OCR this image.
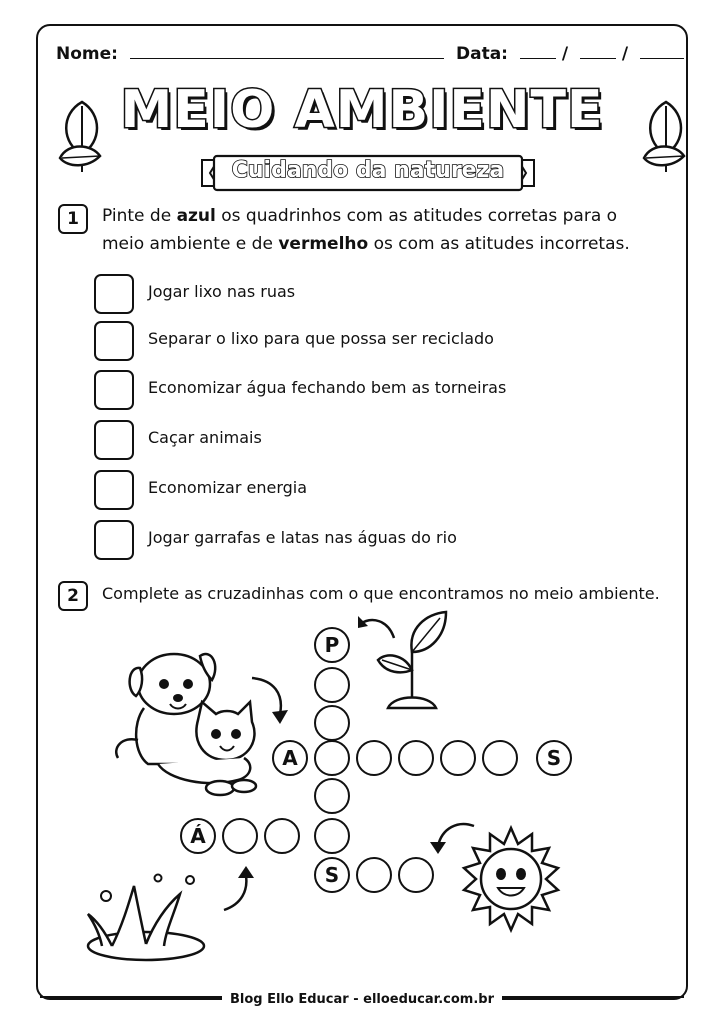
Nome:	Data:	/	/
MEIO AMBIENTE
Cuidando da natureza
1	Pinte de azul os quadrinhos com as atitudes corretas para o
meio ambiente e de vermelho os com as atitudes incorretas.
Jogar lixo nas ruas
Separar o lixo para que possa ser reciclado
Economizar água fechando bem as torneiras
Caçar animais
Economizar energia
Jogar garrafas e latas nas águas do rio
2	Complete as cruzadinhas com o que encontramos no meio ambiente.
P
A	S
Á
S
Blog Ello Educar - elloeducar.com.br
